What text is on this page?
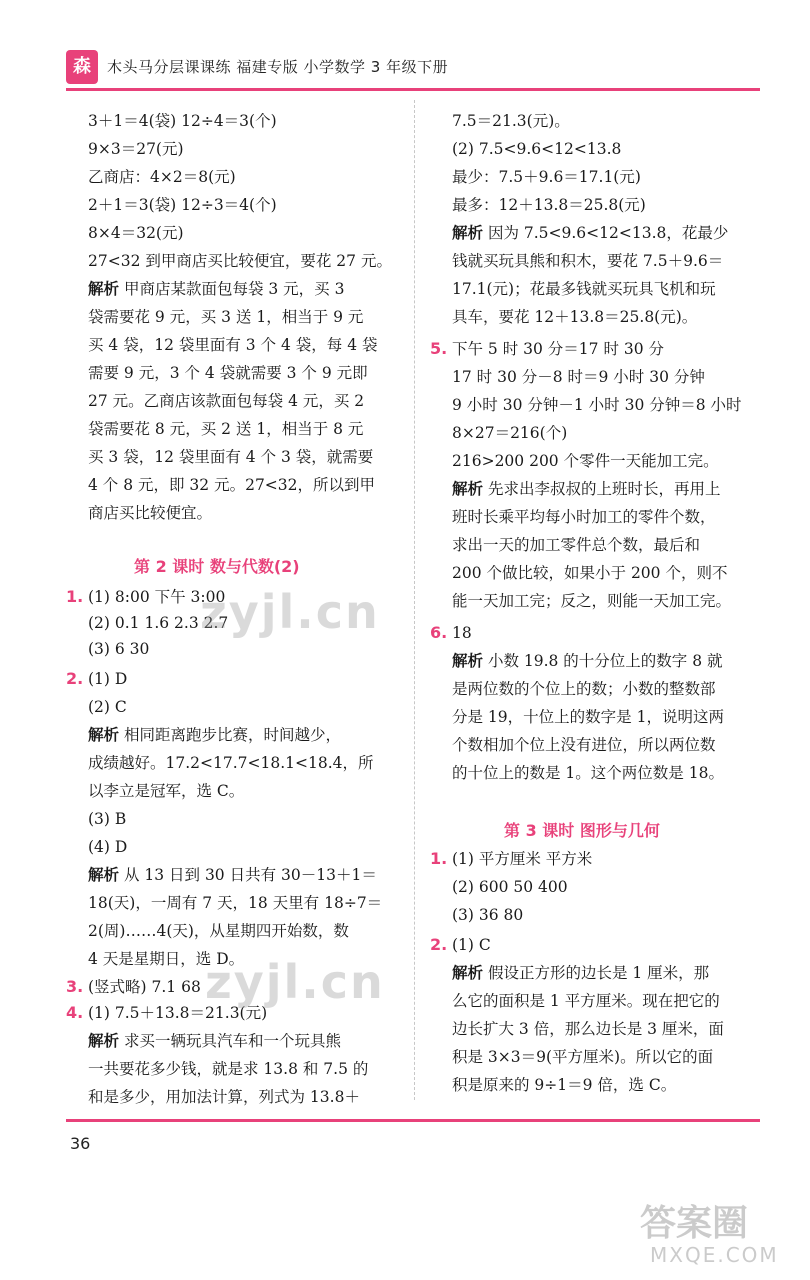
森	木头马分层课课练 福建专版 小学数学 3 年级下册
3＋1＝4(袋) 12÷4＝3(个)
9×3＝27(元)
乙商店：4×2＝8(元)
2＋1＝3(袋) 12÷3＝4(个)
8×4＝32(元)
27<32 到甲商店买比较便宜，要花 27 元。
解析 甲商店某款面包每袋 3 元，买 3
袋需要花 9 元，买 3 送 1，相当于 9 元
买 4 袋，12 袋里面有 3 个 4 袋，每 4 袋
需要 9 元，3 个 4 袋就需要 3 个 9 元即
27 元。乙商店该款面包每袋 4 元，买 2
袋需要花 8 元，买 2 送 1，相当于 8 元
买 3 袋，12 袋里面有 4 个 3 袋，就需要
4 个 8 元，即 32 元。27<32，所以到甲
商店买比较便宜。
第 2 课时 数与代数(2)
1. (1) 8:00 下午 3:00
(2) 0.1 1.6 2.3 2.7
(3) 6 30
2. (1) D
(2) C
解析 相同距离跑步比赛，时间越少，
成绩越好。17.2<17.7<18.1<18.4，所
以李立是冠军，选 C。
(3) B
(4) D
解析 从 13 日到 30 日共有 30－13＋1＝
18(天)，一周有 7 天，18 天里有 18÷7＝
2(周)……4(天)，从星期四开始数，数
4 天是星期日，选 D。
3. (竖式略) 7.1 68
4. (1) 7.5＋13.8＝21.3(元)
解析 求买一辆玩具汽车和一个玩具熊
一共要花多少钱，就是求 13.8 和 7.5 的
和是多少，用加法计算，列式为 13.8＋
7.5＝21.3(元)。
(2) 7.5<9.6<12<13.8
最少：7.5＋9.6＝17.1(元)
最多：12＋13.8＝25.8(元)
解析 因为 7.5<9.6<12<13.8，花最少
钱就买玩具熊和积木，要花 7.5＋9.6＝
17.1(元)；花最多钱就买玩具飞机和玩
具车，要花 12＋13.8＝25.8(元)。
5. 下午 5 时 30 分＝17 时 30 分
17 时 30 分－8 时＝9 小时 30 分钟
9 小时 30 分钟－1 小时 30 分钟＝8 小时
8×27＝216(个)
216>200 200 个零件一天能加工完。
解析 先求出李叔叔的上班时长，再用上
班时长乘平均每小时加工的零件个数，
求出一天的加工零件总个数，最后和
200 个做比较，如果小于 200 个，则不
能一天加工完；反之，则能一天加工完。
6. 18
解析 小数 19.8 的十分位上的数字 8 就
是两位数的个位上的数；小数的整数部
分是 19，十位上的数字是 1，说明这两
个数相加个位上没有进位，所以两位数
的十位上的数是 1。这个两位数是 18。
第 3 课时 图形与几何
1. (1) 平方厘米 平方米
(2) 600 50 400
(3) 36 80
2. (1) C
解析 假设正方形的边长是 1 厘米，那
么它的面积是 1 平方厘米。现在把它的
边长扩大 3 倍，那么边长是 3 厘米，面
积是 3×3＝9(平方厘米)。所以它的面
积是原来的 9÷1＝9 倍，选 C。
zyjl.cn
zyjl.cn
36
答案圈
MXQE.COM
